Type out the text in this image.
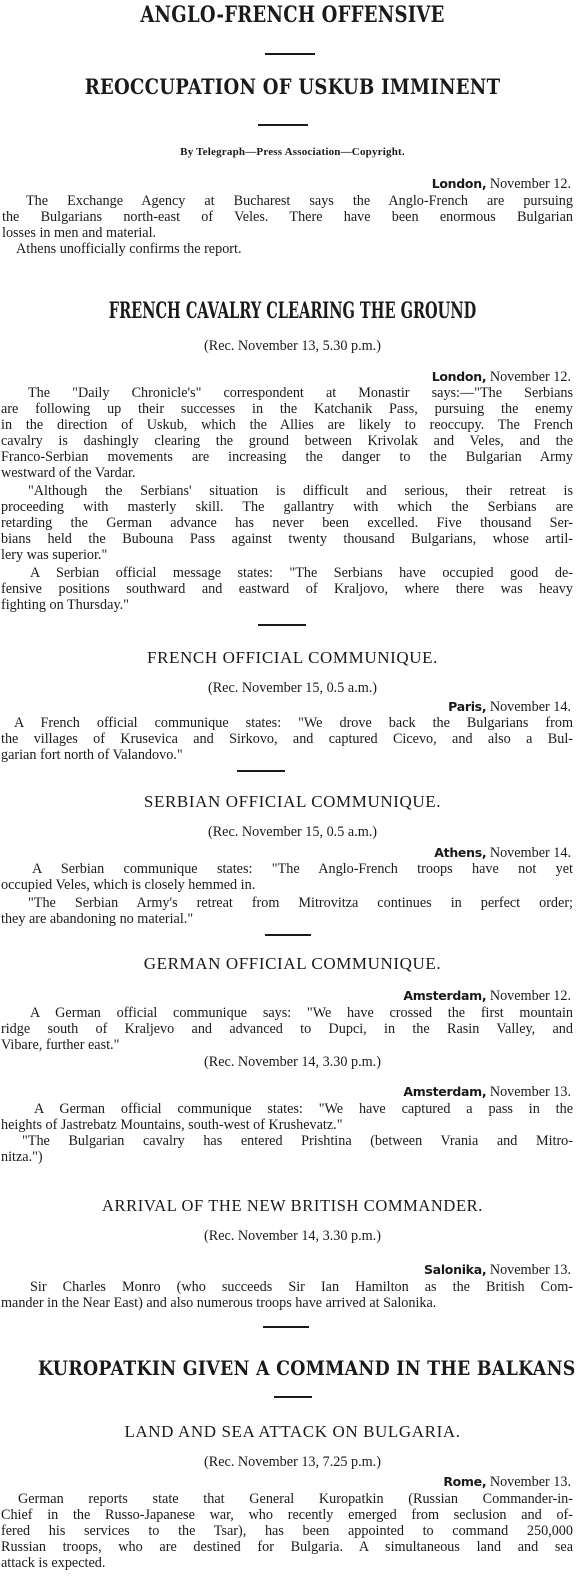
ANGLO-FRENCH OFFENSIVE
REOCCUPATION OF USKUB IMMINENT
By Telegraph—Press Association—Copyright.
London, November 12.
The Exchange Agency at Bucharest says the Anglo-French are pursuing
the Bulgarians north-east of Veles. There have been enormous Bulgarian
losses in men and material.
Athens unofficially confirms the report.
FRENCH CAVALRY CLEARING THE GROUND
(Rec. November 13, 5.30 p.m.)
London, November 12.
The "Daily Chronicle's" correspondent at Monastir says:—"The Serbians
are following up their successes in the Katchanik Pass, pursuing the enemy
in the direction of Uskub, which the Allies are likely to reoccupy. The French
cavalry is dashingly clearing the ground between Krivolak and Veles, and the
Franco-Serbian movements are increasing the danger to the Bulgarian Army
westward of the Vardar.
"Although the Serbians' situation is difficult and serious, their retreat is
proceeding with masterly skill. The gallantry with which the Serbians are
retarding the German advance has never been excelled. Five thousand Ser-
bians held the Bubouna Pass against twenty thousand Bulgarians, whose artil-
lery was superior."
A Serbian official message states: "The Serbians have occupied good de-
fensive positions southward and eastward of Kraljovo, where there was heavy
fighting on Thursday."
FRENCH OFFICIAL COMMUNIQUE.
(Rec. November 15, 0.5 a.m.)
Paris, November 14.
A French official communique states: "We drove back the Bulgarians from
the villages of Krusevica and Sirkovo, and captured Cicevo, and also a Bul-
garian fort north of Valandovo."
SERBIAN OFFICIAL COMMUNIQUE.
(Rec. November 15, 0.5 a.m.)
Athens, November 14.
A Serbian communique states: "The Anglo-French troops have not yet
occupied Veles, which is closely hemmed in.
"The Serbian Army's retreat from Mitrovitza continues in perfect order;
they are abandoning no material."
GERMAN OFFICIAL COMMUNIQUE.
Amsterdam, November 12.
A German official communique says: "We have crossed the first mountain
ridge south of Kraljevo and advanced to Dupci, in the Rasin Valley, and
Vibare, further east."
(Rec. November 14, 3.30 p.m.)
Amsterdam, November 13.
A German official communique states: "We have captured a pass in the
heights of Jastrebatz Mountains, south-west of Krushevatz."
"The Bulgarian cavalry has entered Prishtina (between Vrania and Mitro-
nitza.")
ARRIVAL OF THE NEW BRITISH COMMANDER.
(Rec. November 14, 3.30 p.m.)
Salonika, November 13.
Sir Charles Monro (who succeeds Sir Ian Hamilton as the British Com-
mander in the Near East) and also numerous troops have arrived at Salonika.
KUROPATKIN GIVEN A COMMAND IN THE BALKANS
LAND AND SEA ATTACK ON BULGARIA.
(Rec. November 13, 7.25 p.m.)
Rome, November 13.
German reports state that General Kuropatkin (Russian Commander-in-
Chief in the Russo-Japanese war, who recently emerged from seclusion and of-
fered his services to the Tsar), has been appointed to command 250,000
Russian troops, who are destined for Bulgaria. A simultaneous land and sea
attack is expected.
